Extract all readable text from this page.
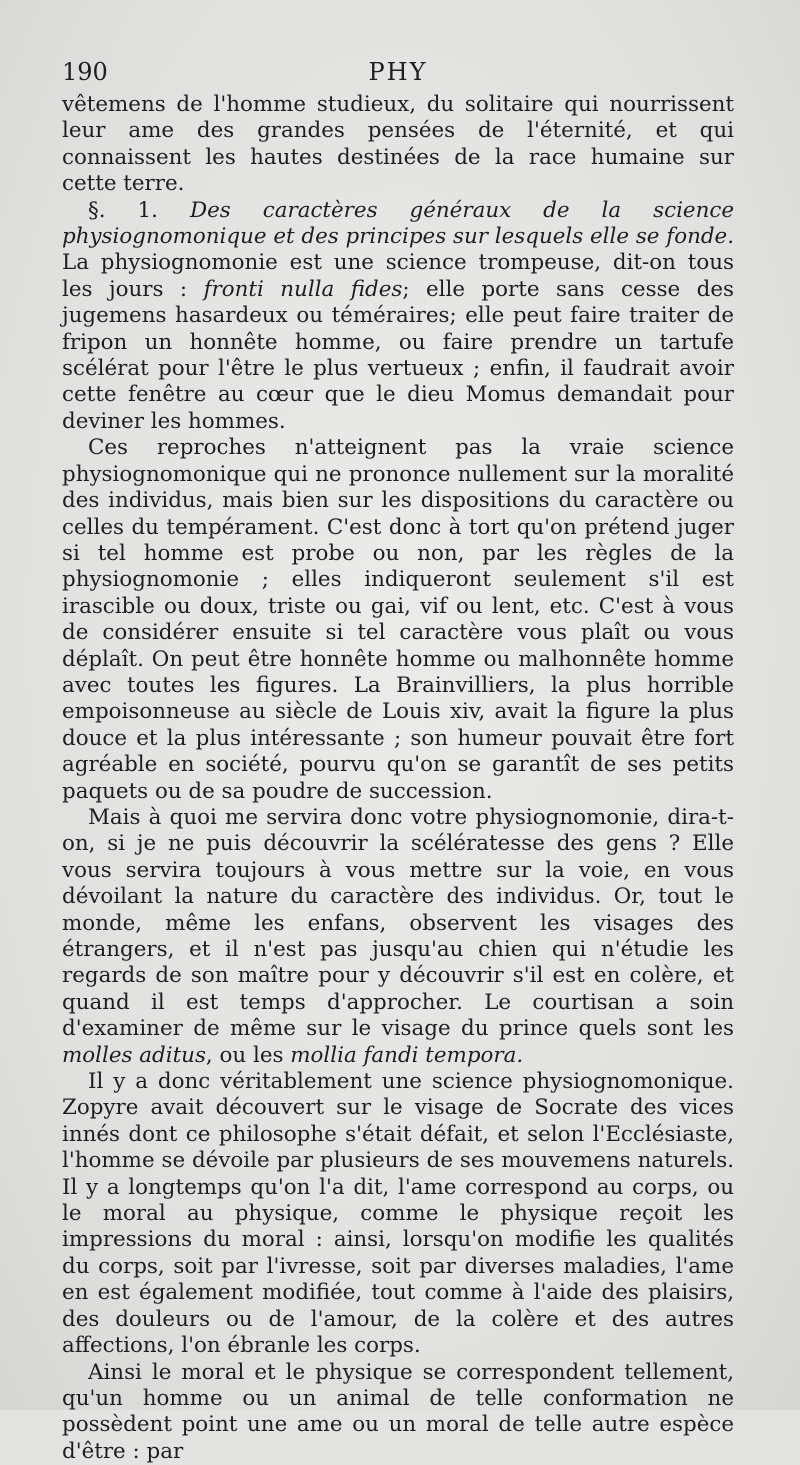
190	PHY

vêtemens de l'homme studieux, du solitaire qui nourrissent leur ame des grandes pensées de l'éternité, et qui connaissent les hautes destinées de la race humaine sur cette terre.

§. 1. Des caractères généraux de la science physiognomonique et des principes sur lesquels elle se fonde. La physiognomonie est une science trompeuse, dit-on tous les jours : fronti nulla fides; elle porte sans cesse des jugemens hasardeux ou téméraires; elle peut faire traiter de fripon un honnête homme, ou faire prendre un tartufe scélérat pour l'être le plus vertueux ; enfin, il faudrait avoir cette fenêtre au cœur que le dieu Momus demandait pour deviner les hommes.

Ces reproches n'atteignent pas la vraie science physiognomonique qui ne prononce nullement sur la moralité des individus, mais bien sur les dispositions du caractère ou celles du tempérament. C'est donc à tort qu'on prétend juger si tel homme est probe ou non, par les règles de la physiognomonie ; elles indiqueront seulement s'il est irascible ou doux, triste ou gai, vif ou lent, etc. C'est à vous de considérer ensuite si tel caractère vous plaît ou vous déplaît. On peut être honnête homme ou malhonnête homme avec toutes les figures. La Brainvilliers, la plus horrible empoisonneuse au siècle de Louis xiv, avait la figure la plus douce et la plus intéressante ; son humeur pouvait être fort agréable en société, pourvu qu'on se garantît de ses petits paquets ou de sa poudre de succession.

Mais à quoi me servira donc votre physiognomonie, dira-t-on, si je ne puis découvrir la scélératesse des gens ? Elle vous servira toujours à vous mettre sur la voie, en vous dévoilant la nature du caractère des individus. Or, tout le monde, même les enfans, observent les visages des étrangers, et il n'est pas jusqu'au chien qui n'étudie les regards de son maître pour y découvrir s'il est en colère, et quand il est temps d'approcher. Le courtisan a soin d'examiner de même sur le visage du prince quels sont les molles aditus, ou les mollia fandi tempora.

Il y a donc véritablement une science physiognomonique. Zopyre avait découvert sur le visage de Socrate des vices innés dont ce philosophe s'était défait, et selon l'Ecclésiaste, l'homme se dévoile par plusieurs de ses mouvemens naturels. Il y a longtemps qu'on l'a dit, l'ame correspond au corps, ou le moral au physique, comme le physique reçoit les impressions du moral : ainsi, lorsqu'on modifie les qualités du corps, soit par l'ivresse, soit par diverses maladies, l'ame en est également modifiée, tout comme à l'aide des plaisirs, des douleurs ou de l'amour, de la colère et des autres affections, l'on ébranle les corps.

Ainsi le moral et le physique se correspondent tellement, qu'un homme ou un animal de telle conformation ne possèdent point une ame ou un moral de telle autre espèce d'être : par
